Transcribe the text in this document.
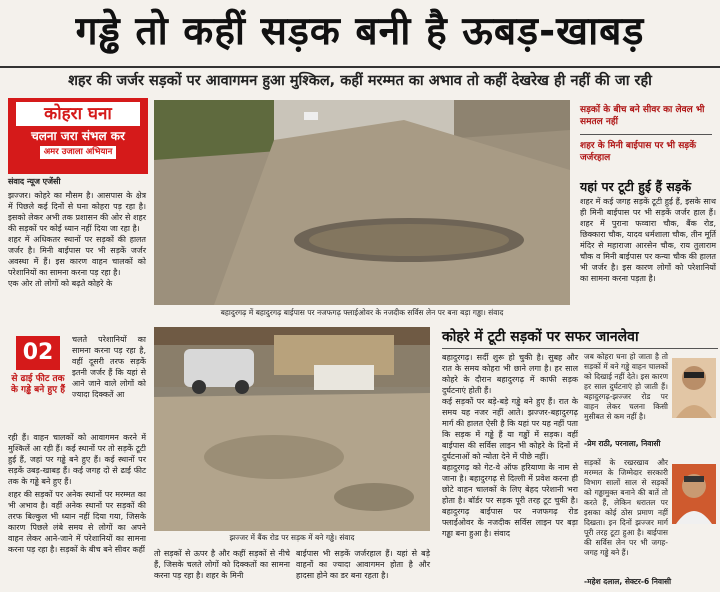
गड्ढे तो कहीं सड़क बनी है ऊबड़-खाबड़
शहर की जर्जर सड़कों पर आवागमन हुआ मुश्किल, कहीं मरम्मत का अभाव तो कहीं देखरेख ही नहीं की जा रही
कोहरा घना
चलना जरा संभल कर
अमर उजाला अभियान
संवाद न्यूज एजेंसी

झज्जर। कोहरे का मौसम है। आसपास के क्षेत्र में पिछले कई दिनों से घना कोहरा पड़ रहा है। इसको लेकर अभी तक प्रशासन की ओर से शहर की सड़कों पर कोई ध्यान नहीं दिया जा रहा है।

शहर में अधिकतर स्थानों पर सड़कों की हालत जर्जर है। मिनी बाईपास पर भी सड़कें जर्जर अवस्था में हैं। इस कारण वाहन चालकों को परेशानियों का सामना करना पड़ रहा है।

एक ओर तो लोगों को बढ़ते कोहरे के

02
से ढाई फीट तक के गड्ढे बने हुए हैं
चलते परेशानियों का सामना करना पड़ रहा है, वहीं दूसरी तरफ सड़कें इतनी जर्जर हैं कि यहां से आने जाने वाले लोगों को ज्यादा दिक्कतें आ

रही हैं। वाहन चालकों को आवागमन करने में मुश्किलें आ रही हैं। कई स्थानों पर तो सड़कें टूटी हुई हैं, जहां पर गड्ढे बने हुए हैं। कई स्थानों पर सड़कें उबड़-खाबड़ हैं। कई जगह दो से ढाई फीट तक के गड्ढे बने हुए हैं।

शहर की सड़कों पर अनेक स्थानों पर मरम्मत का भी अभाव है। वहीं अनेक स्थानों पर सड़कों की तरफ बिल्कुल भी ध्यान नहीं दिया गया, जिसके कारण पिछले लंबे समय से लोगों का अपने वाहन लेकर आने-जाने में परेशानियों का सामना करना पड़ रहा है। सड़कों के बीच बने सीवर कहीं

बहादुरगढ़ में बहादुरगढ़ बाईपास पर नजफगढ़ फ्लाईओवर के नजदीक सर्विस लेन पर बना बड़ा गड्ढा। संवाद
झज्जर में बैंक रोड पर सड़क में बने गड्ढे। संवाद
तो सड़कों से ऊपर है और कहीं सड़कों से नीचे हैं, जिसके चलते लोगों को दिक्कतों का सामना करना पड़ रहा है। शहर के मिनी
बाईपास भी सड़कें जर्जरहाल हैं। यहां से बड़े वाहनों का ज्यादा आवागमन होता है और हादसा होने का डर बना रहता है।
सड़कों के बीच बने सीवर का लेवल भी समतल नहीं
शहर के मिनी बाईपास पर भी सड़कें जर्जरहाल
यहां पर टूटी हुई हैं सड़कें
शहर में कई जगह सड़कें टूटी हुई हैं, इसके साथ ही मिनी बाईपास पर भी सड़कें जर्जर हाल हैं। शहर में पुराना फव्वारा चौक, बैंक रोड, छिक्कारा चौक, यादव धर्मशाला चौक, तीन मूर्ति मंदिर से महाराजा आरसेन चौक, राय तुलाराम चौक व मिनी बाईपास पर कन्या चौक की हालत भी जर्जर है। इस कारण लोगों को परेशानियों का सामना करना पड़ता है।
कोहरे में टूटी सड़कों पर सफर जानलेवा

बहादुरगढ़। सर्दी शुरू हो चुकी है। सुबह और रात के समय कोहरा भी छाने लगा है। हर साल कोहरे के दौरान बहादुरगढ़ में काफी सड़क दुर्घटनाएं होती हैं।

कई सड़कों पर बड़े-बड़े गड्ढे बने हुए हैं। रात के समय यह नजर नहीं आते। झज्जर-बहादुरगढ़ मार्ग की हालत ऐसी है कि यहां पर यह नहीं पता कि सड़क में गड्ढे हैं या गड्ढों में सड़क। वहीं बाईपास की सर्विस लाइन भी कोहरे के दिनों में दुर्घटनाओं को न्योता देने में पीछे नहीं।

बहादुरगढ़ को गेट-वे ऑफ हरियाणा के नाम से जाना है। बहादुरगढ़ से दिल्ली में प्रवेश करना ही छोटे वाहन चालकों के लिए बेहद परेशानी भरा होता है। बॉर्डर पर सड़क पूरी तरह टूट चुकी है। बहादुरगढ़ बाईपास पर नजफगढ़ रोड फ्लाईओवर के नजदीक सर्विस लाइन पर बड़ा गड्ढा बना हुआ है। संवाद

जब कोहरा घना हो जाता है तो सड़कों में बने गड्ढे वाहन चालकों को दिखाई नहीं देते। इस कारण हर साल दुर्घटनाएं हो जाती हैं। बहादुरगढ़-झज्जर रोड पर वाहन लेकर चलना किसी मुसीबत से कम नहीं है।
-प्रेम राठी, परनाला, निवासी
सड़कों के रखरखाव और मरम्मत के जिम्मेदार सरकारी विभाग सालों साल से सड़कों को गड्ढामुक्त बनाने की बातें तो करते हैं, लेकिन धरातल पर इसका कोई ठोस प्रमाण नहीं दिखता। इन दिनों झज्जर मार्ग पूरी तरह टूटा हुआ है। बाईपास की सर्विस लेन पर भी जगह-जगह गड्ढे बने हैं।
-महेश दलाल, सेक्टर-6 निवासी
